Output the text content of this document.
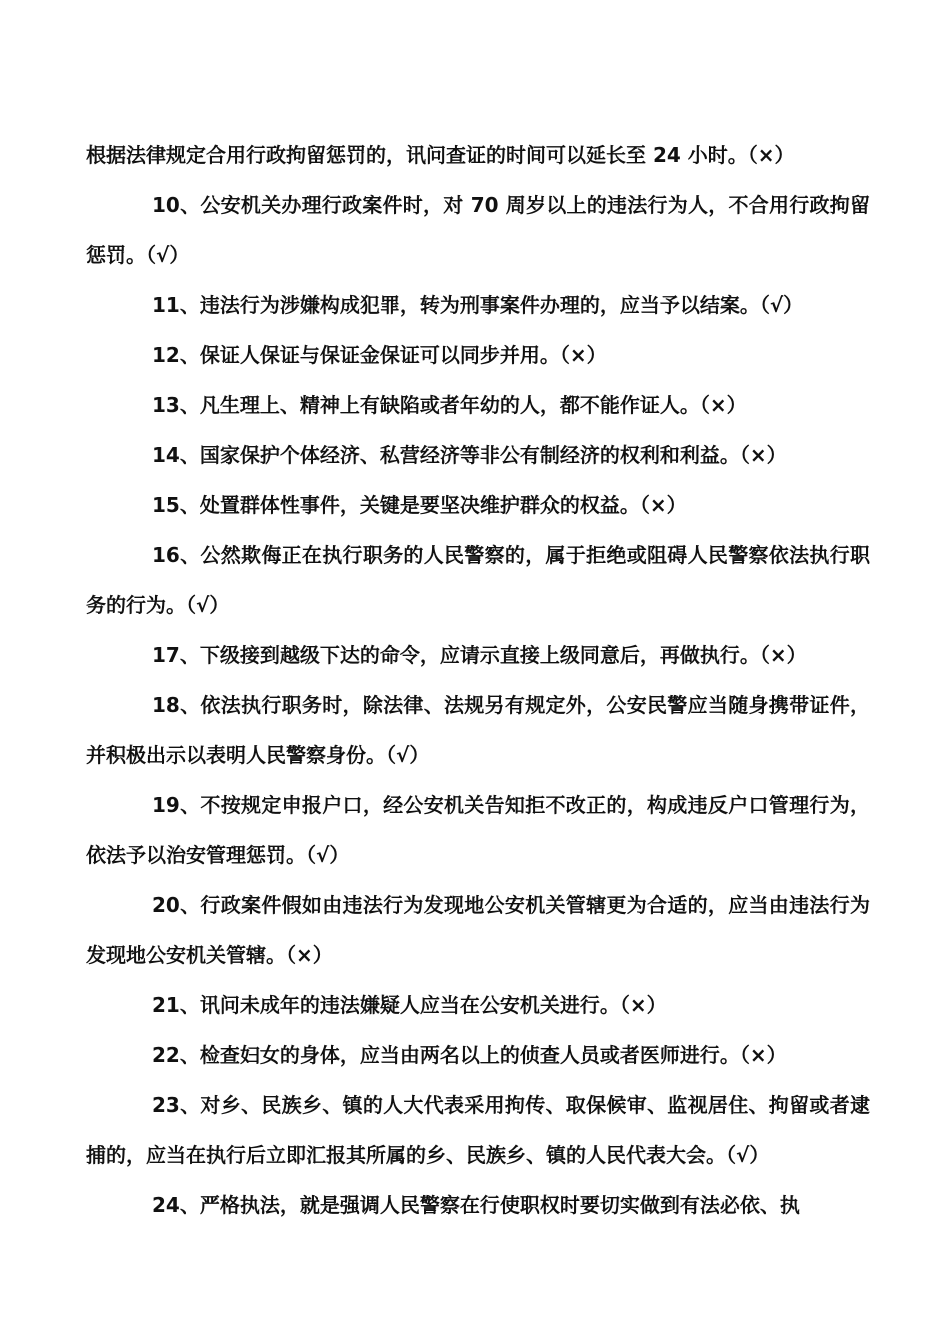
根据法律规定合用行政拘留惩罚的，讯问查证的时间可以延长至 24 小时。（×）

10、公安机关办理行政案件时，对 70 周岁以上的违法行为人，不合用行政拘留惩罚。（√）

11、违法行为涉嫌构成犯罪，转为刑事案件办理的，应当予以结案。（√）

12、保证人保证与保证金保证可以同步并用。（×）

13、凡生理上、精神上有缺陷或者年幼的人，都不能作证人。（×）

14、国家保护个体经济、私营经济等非公有制经济的权利和利益。（×）

15、处置群体性事件，关键是要坚决维护群众的权益。（×）

16、公然欺侮正在执行职务的人民警察的，属于拒绝或阻碍人民警察依法执行职务的行为。（√）

17、下级接到越级下达的命令，应请示直接上级同意后，再做执行。（×）

18、依法执行职务时，除法律、法规另有规定外，公安民警应当随身携带证件，并积极出示以表明人民警察身份。（√）

19、不按规定申报户口，经公安机关告知拒不改正的，构成违反户口管理行为，依法予以治安管理惩罚。（√）

20、行政案件假如由违法行为发现地公安机关管辖更为合适的，应当由违法行为发现地公安机关管辖。（×）

21、讯问未成年的违法嫌疑人应当在公安机关进行。（×）

22、检查妇女的身体，应当由两名以上的侦查人员或者医师进行。（×）

23、对乡、民族乡、镇的人大代表采用拘传、取保候审、监视居住、拘留或者逮捕的，应当在执行后立即汇报其所属的乡、民族乡、镇的人民代表大会。（√）

24、严格执法，就是强调人民警察在行使职权时要切实做到有法必依、执
